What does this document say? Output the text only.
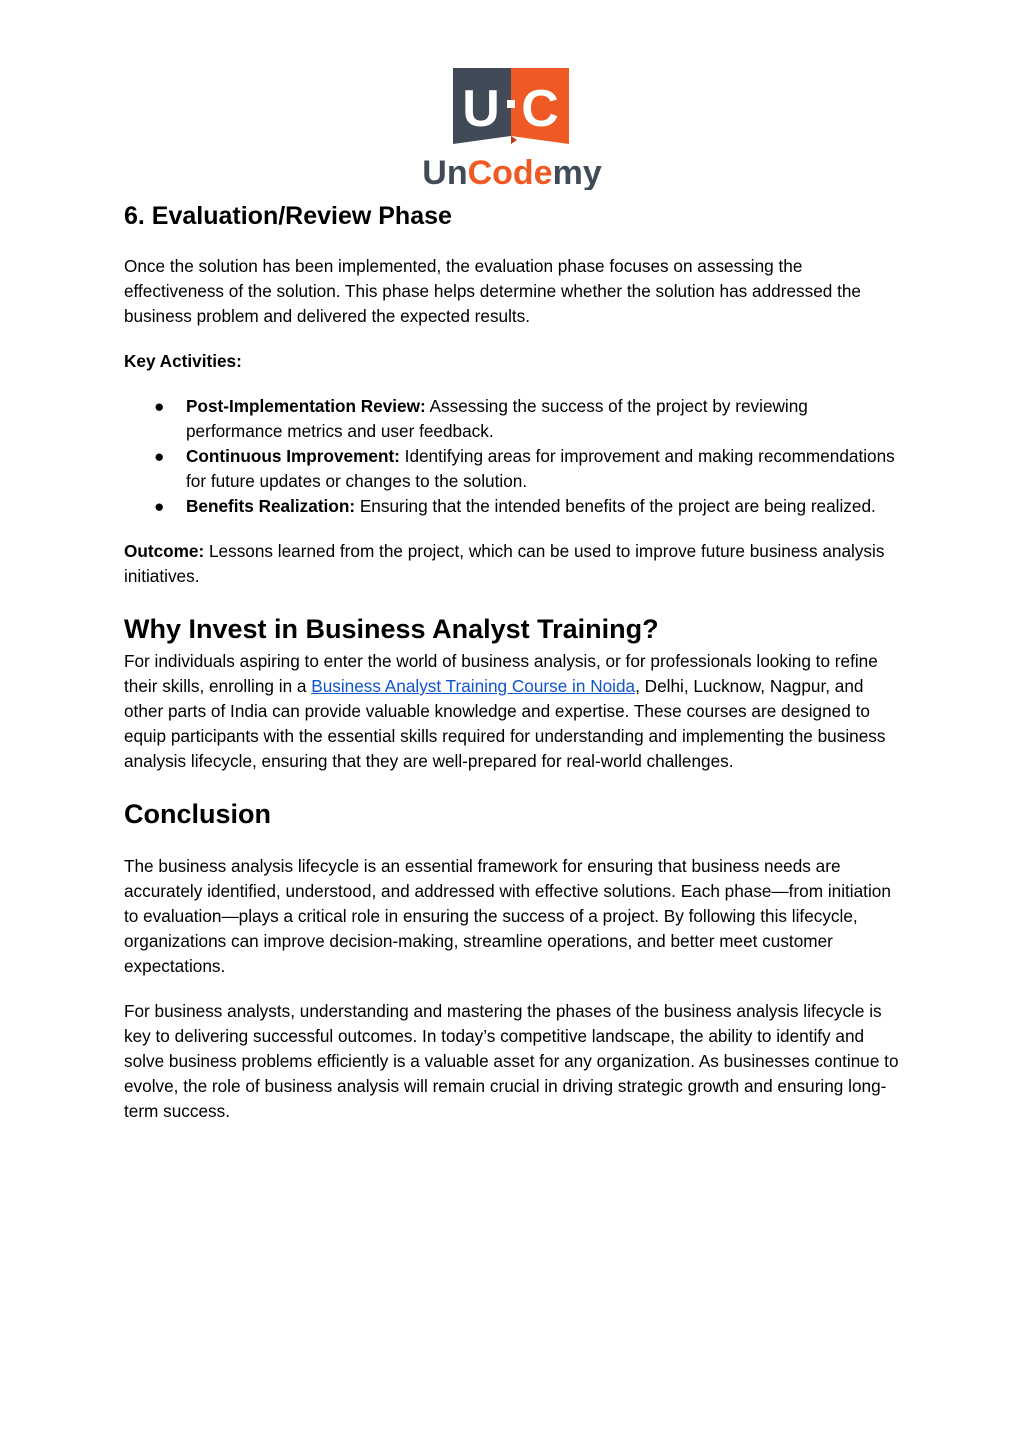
U C
UnCodemy
6. Evaluation/Review Phase

Once the solution has been implemented, the evaluation phase focuses on assessing the effectiveness of the solution. This phase helps determine whether the solution has addressed the business problem and delivered the expected results.

Key Activities:

● Post-Implementation Review: Assessing the success of the project by reviewing performance metrics and user feedback.
● Continuous Improvement: Identifying areas for improvement and making recommendations for future updates or changes to the solution.
● Benefits Realization: Ensuring that the intended benefits of the project are being realized.

Outcome: Lessons learned from the project, which can be used to improve future business analysis initiatives.

Why Invest in Business Analyst Training?

For individuals aspiring to enter the world of business analysis, or for professionals looking to refine their skills, enrolling in a Business Analyst Training Course in Noida, Delhi, Lucknow, Nagpur, and other parts of India can provide valuable knowledge and expertise. These courses are designed to equip participants with the essential skills required for understanding and implementing the business analysis lifecycle, ensuring that they are well-prepared for real-world challenges.

Conclusion

The business analysis lifecycle is an essential framework for ensuring that business needs are accurately identified, understood, and addressed with effective solutions. Each phase—from initiation to evaluation—plays a critical role in ensuring the success of a project. By following this lifecycle, organizations can improve decision-making, streamline operations, and better meet customer expectations.

For business analysts, understanding and mastering the phases of the business analysis lifecycle is key to delivering successful outcomes. In today’s competitive landscape, the ability to identify and solve business problems efficiently is a valuable asset for any organization. As businesses continue to evolve, the role of business analysis will remain crucial in driving strategic growth and ensuring long-term success.
